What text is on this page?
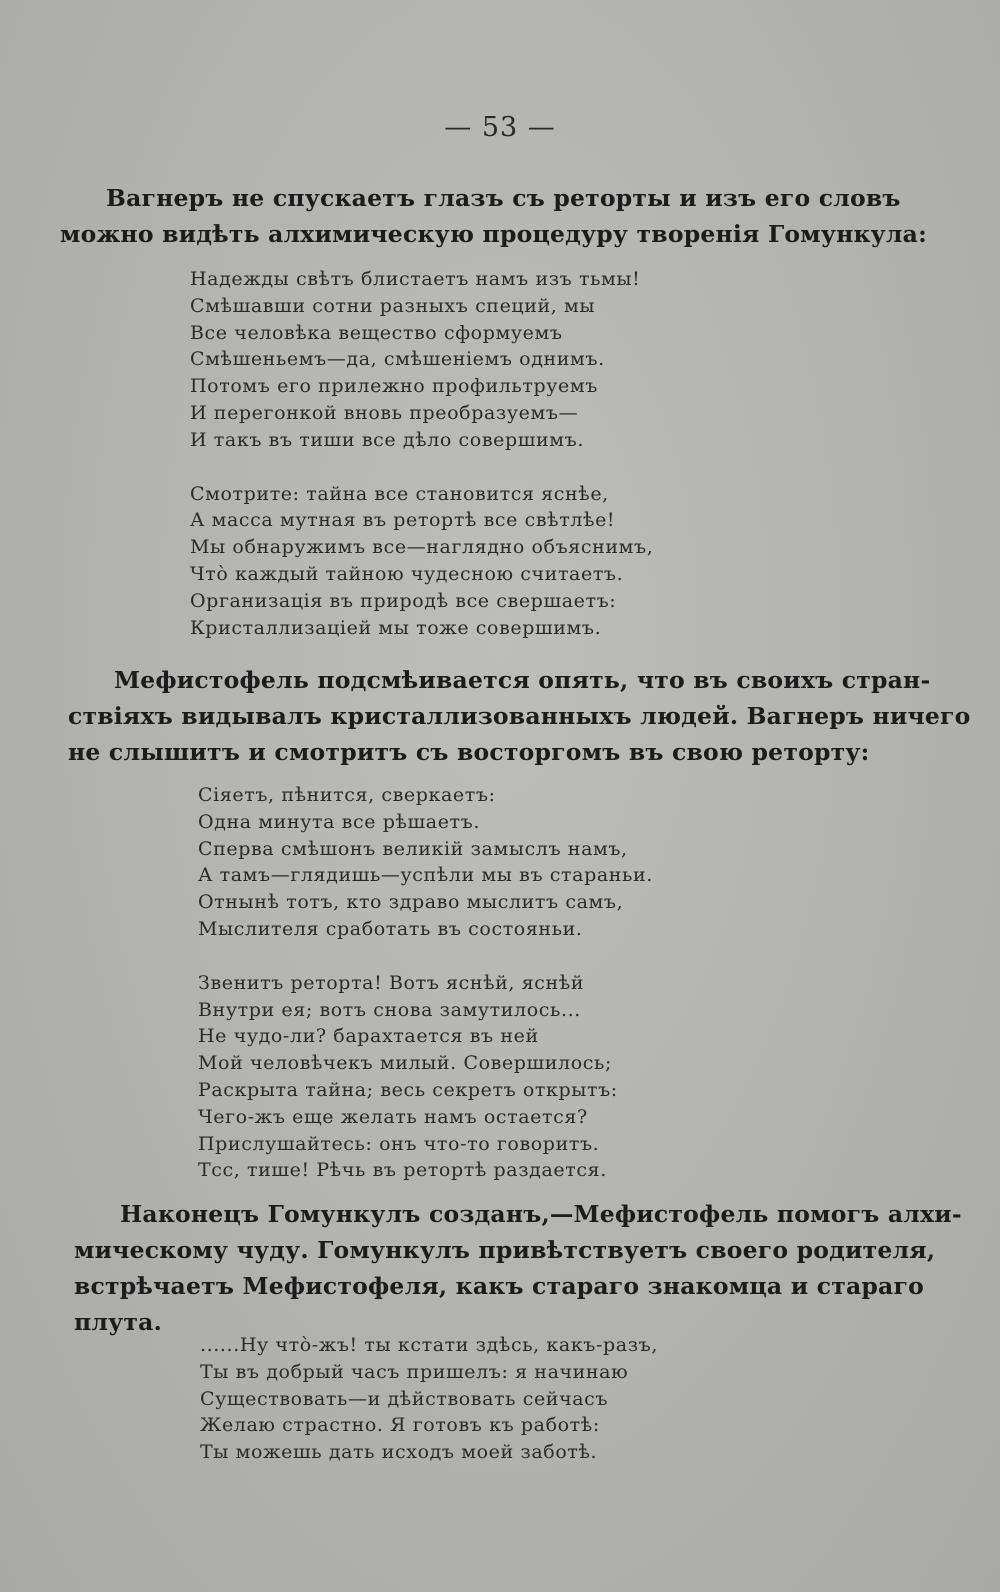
— 53 —
Вагнеръ не спускаетъ глазъ съ реторты и изъ его словъ
можно видѣть алхимическую процедуру творенія Гомункула:
Надежды свѣтъ блистаетъ намъ изъ тьмы!
Смѣшавши сотни разныхъ специй, мы
Все человѣка вещество сформуемъ
Смѣшеньемъ—да, смѣшеніемъ однимъ.
Потомъ его прилежно профильтруемъ
И перегонкой вновь преобразуемъ—
И такъ въ тиши все дѣло совершимъ.
Смотрите: тайна все становится яснѣе,
А масса мутная въ ретортѣ все свѣтлѣе!
Мы обнаружимъ все—наглядно объяснимъ,
Что̀ каждый тайною чудесною считаетъ.
Организація въ природѣ все свершаетъ:
Кристаллизаціей мы тоже совершимъ.
Мефистофель подсмѣивается опять, что въ своихъ стран-
ствіяхъ видывалъ кристаллизованныхъ людей. Вагнеръ ничего
не слышитъ и смотритъ съ восторгомъ въ свою реторту:
Сіяетъ, пѣнится, сверкаетъ:
Одна минута все рѣшаетъ.
Сперва смѣшонъ великій замыслъ намъ,
А тамъ—глядишь—успѣли мы въ стараньи.
Отнынѣ тотъ, кто здраво мыслитъ самъ,
Мыслителя сработать въ состояньи.
Звенитъ реторта! Вотъ яснѣй, яснѣй
Внутри ея; вотъ снова замутилось...
Не чудо-ли? барахтается въ ней
Мой человѣчекъ милый. Совершилось;
Раскрыта тайна; весь секретъ открытъ:
Чего-жъ еще желать намъ остается?
Прислушайтесь: онъ что-то говоритъ.
Тсс, тише! Рѣчь въ ретортѣ раздается.
Наконецъ Гомункулъ созданъ,—Мефистофель помогъ алхи-
мическому чуду. Гомункулъ привѣтствуетъ своего родителя,
встрѣчаетъ Мефистофеля, какъ стараго знакомца и стараго
плута.
......Ну что̀-жъ! ты кстати здѣсь, какъ-разъ,
Ты въ добрый часъ пришелъ: я начинаю
Существовать—и дѣйствовать сейчасъ
Желаю страстно. Я готовъ къ работѣ:
Ты можешь дать исходъ моей заботѣ.
